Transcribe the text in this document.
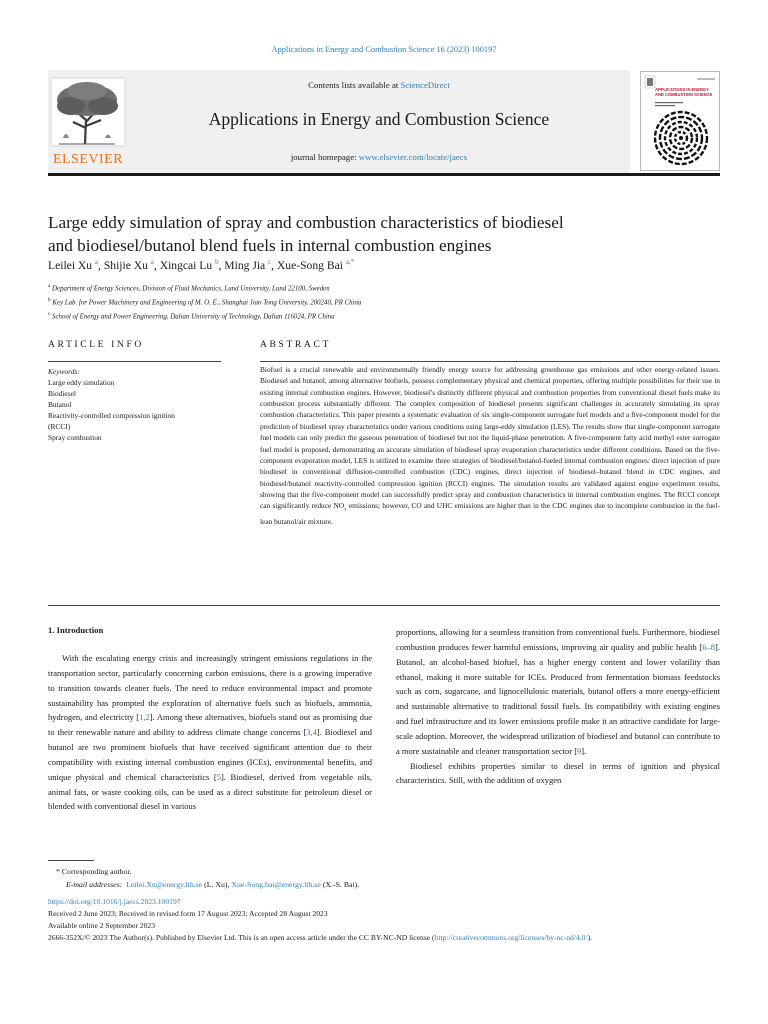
Applications in Energy and Combustion Science 16 (2023) 100197
ELSEVIER
Contents lists available at ScienceDirect
Applications in Energy and Combustion Science
journal homepage: www.elsevier.com/locate/jaecs
APPLICATIONS IN ENERGY AND COMBUSTION SCIENCE
Large eddy simulation of spray and combustion characteristics of biodiesel
and biodiesel/butanol blend fuels in internal combustion engines
Leilei Xu $^a$, Shijie Xu $^a$, Xingcai Lu $^b$, Ming Jia $^c$, Xue-Song Bai $^{a,*}$
$^a$ Department of Energy Sciences, Division of Fluid Mechanics, Lund University, Lund 22100, Sweden
$^b$ Key Lab. for Power Machinery and Engineering of M. O. E., Shanghai Jiao Tong University, 200240, PR China
$^c$ School of Energy and Power Engineering, Dalian University of Technology, Dalian 116024, PR China
ARTICLE INFO	ABSTRACT
Keywords:
Large eddy simulation
Biodiesel
Butanol
Reactivity-controlled compression ignition
(RCCI)
Spray combustion
Biofuel is a crucial renewable and environmentally friendly energy source for addressing greenhouse gas emissions and other energy-related issues. Biodiesel and butanol, among alternative biofuels, possess complementary physical and chemical properties, offering multiple possibilities for their use in existing internal combustion engines. However, biodiesel's distinctly different physical and combustion properties from conventional diesel fuels make its combustion process substantially different. The complex composition of biodiesel presents significant challenges in accurately simulating its spray combustion characteristics. This paper presents a systematic evaluation of six single-component surrogate fuel models and a five-component model for the prediction of biodiesel spray characteristics under various conditions using large-eddy simulation (LES). The results show that single-component surrogate fuel models can only predict the gaseous penetration of biodiesel but not the liquid-phase penetration. A five-component fatty acid methyl ester surrogate fuel model is proposed, demonstrating an accurate simulation of biodiesel spray evaporation characteristics under different conditions. Based on the five-component evaporation model, LES is utilized to examine three strategies of biodiesel/butanol-fueled internal combustion engines: direct injection of pure biodiesel in conventional diffusion-controlled combustion (CDC) engines, direct injection of biodiesel–butanol blend in CDC engines, and biodiesel/butanol reactivity-controlled compression ignition (RCCI) engines. The simulation results are validated against engine experiment results, showing that the five-component model can successfully predict spray and combustion characteristics in internal combustion engines. The RCCI concept can significantly reduce $NO_x$ emissions; however, CO and UHC emissions are higher than in the CDC engines due to incomplete combustion in the fuel-lean butanol/air mixture.
1. Introduction
With the escalating energy crisis and increasingly stringent emissions regulations in the transportation sector, particularly concerning carbon emissions, there is a growing imperative to transition towards cleaner fuels. The need to reduce environmental impact and promote sustainability has prompted the exploration of alternative fuels such as biofuels, ammonia, hydrogen, and electricity [1,2]. Among these alternatives, biofuels stand out as promising due to their renewable nature and ability to address climate change concerns [3,4]. Biodiesel and butanol are two prominent biofuels that have received significant attention due to their compatibility with existing internal combustion engines (ICEs), environmental benefits, and unique physical and chemical characteristics [5]. Biodiesel, derived from vegetable oils, animal fats, or waste cooking oils, can be used as a direct substitute for petroleum diesel or blended with conventional diesel in various
proportions, allowing for a seamless transition from conventional fuels. Furthermore, biodiesel combustion produces fewer harmful emissions, improving air quality and public health [6–8]. Butanol, an alcohol-based biofuel, has a higher energy content and lower volatility than ethanol, making it more suitable for ICEs. Produced from fermentation biomass feedstocks such as corn, sugarcane, and lignocellulosic materials, butanol offers a more energy-efficient and sustainable alternative to traditional fossil fuels. Its compatibility with existing engines and fuel infrastructure and its lower emissions profile make it an attractive candidate for large-scale adoption. Moreover, the widespread utilization of biodiesel and butanol can contribute to a more sustainable and cleaner transportation sector [9].
Biodiesel exhibits properties similar to diesel in terms of ignition and physical characteristics. Still, with the addition of oxygen
* Corresponding author.
E-mail addresses: Leilei.Xu@energy.lth.se (L. Xu), Xue-Song.bai@energy.lth.se (X.-S. Bai).
https://doi.org/10.1016/j.jaecs.2023.100197
Received 2 June 2023; Received in revised form 17 August 2023; Accepted 28 August 2023
Available online 2 September 2023
2666-352X/© 2023 The Author(s). Published by Elsevier Ltd. This is an open access article under the CC BY-NC-ND license (http://creativecommons.org/licenses/by-nc-nd/4.0/).
